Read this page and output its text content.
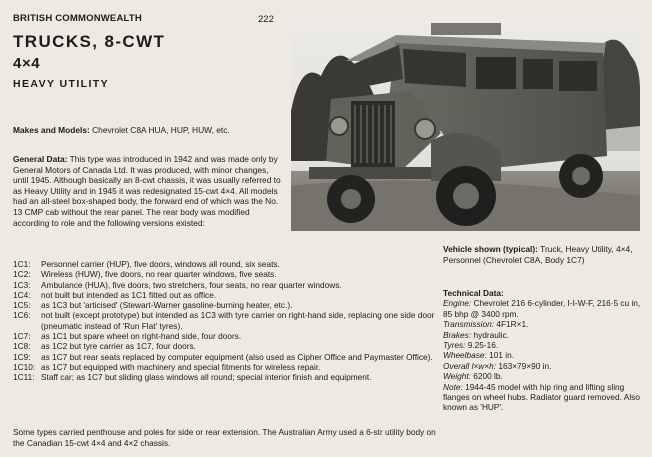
BRITISH COMMONWEALTH	222
TRUCKS, 8-CWT
4×4
HEAVY UTILITY
Makes and Models: Chevrolet C8A HUA, HUP, HUW, etc.
General Data: This type was introduced in 1942 and was made only by General Motors of Canada Ltd. It was produced, with minor changes, until 1945. Although basically an 8-cwt chassis, it was usually referred to as Heavy Utility and in 1945 it was redesignated 15-cwt 4×4. All models had an all-steel box-shaped body, the forward end of which was the No. 13 CMP cab without the rear panel. The rear body was modified according to role and the following versions existed:
1C1: Personnel carrier (HUP), five doors, windows all round, six seats.
1C2: Wireless (HUW), five doors, no rear quarter windows, five seats.
1C3: Ambulance (HUA), five doors, two stretchers, four seats, no rear quarter windows.
1C4: not built but intended as 1C1 fitted out as office.
1C5: as 1C3 but 'articised' (Stewart-Warner gasoline-burning heater, etc.).
1C6: not built (except prototype) but intended as 1C3 with tyre carrier on right-hand side, replacing one side door (pneumatic instead of 'Run Flat' tyres).
1C7: as 1C1 but spare wheel on right-hand side, four doors.
1C8: as 1C2 but tyre carrier as 1C7, four doors.
1C9: as 1C7 but rear seats replaced by computer equipment (also used as Cipher Office and Paymaster Office).
1C10: as 1C7 but equipped with machinery and special fitments for wireless repair.
1C11: Staff car; as 1C7 but sliding glass windows all round; special interior finish and equipment.
Some types carried penthouse and poles for side or rear extension. The Australian Army used a 6-str utility body on the Canadian 15-cwt 4×4 and 4×2 chassis.
Vehicle shown (typical): Truck, Heavy Utility, 4×4, Personnel (Chevrolet C8A, Body 1C7)
Technical Data:
Engine: Chevrolet 216 6-cylinder, I-I-W-F, 216·5 cu in, 85 bhp @ 3400 rpm.
Transmission: 4F1R×1.
Brakes: hydraulic.
Tyres: 9.25-16.
Wheelbase: 101 in.
Overall l×w×h: 163×79×90 in.
Weight: 6200 lb.
Note: 1944-45 model with hip ring and lifting sling flanges on wheel hubs. Radiator guard removed. Also known as 'HUP'.
